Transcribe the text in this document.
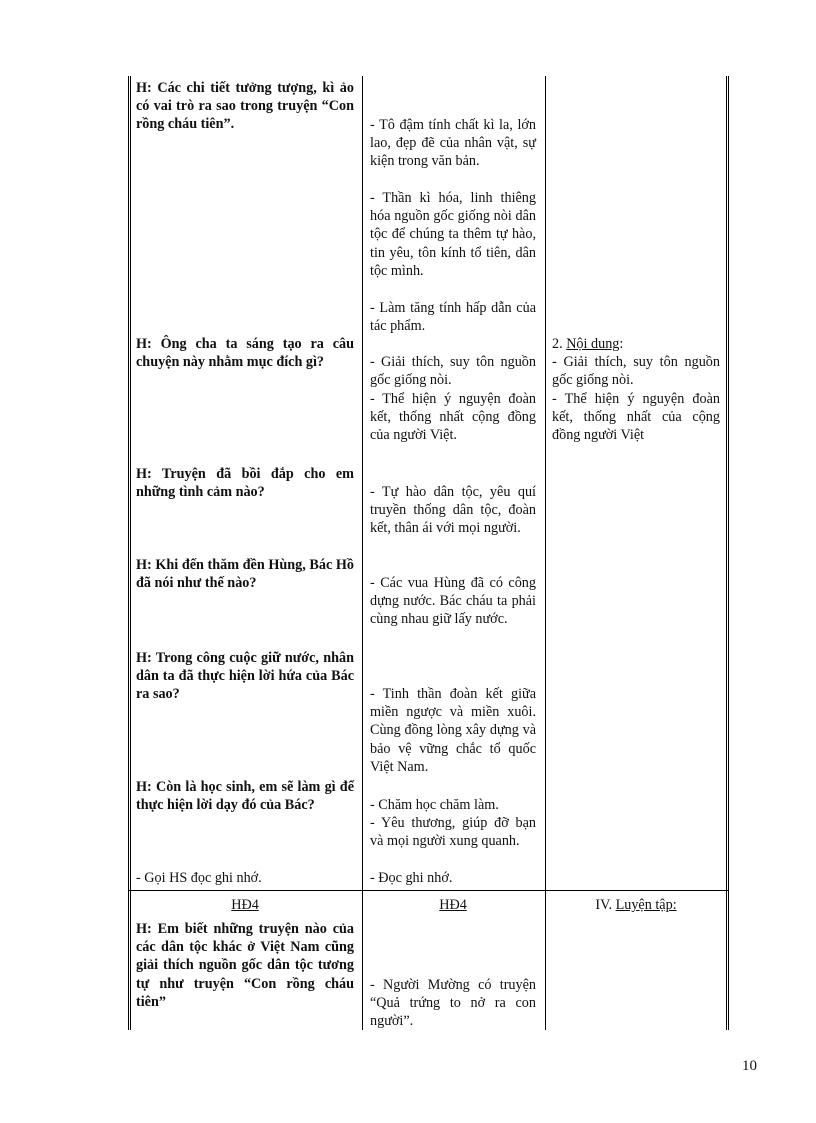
H: Các chi tiết tưởng tượng, kì ảo có vai trò ra sao trong truyện “Con rồng cháu tiên”.

H: Ông cha ta sáng tạo ra câu chuyện này nhằm mục đích gì?

H: Truyện đã bồi đắp cho em những tình cảm nào?

H: Khi đến thăm đền Hùng, Bác Hồ đã nói như thế nào?

H: Trong công cuộc giữ nước, nhân dân ta đã thực hiện lời hứa của Bác ra sao?

H: Còn là học sinh, em sẽ làm gì để thực hiện lời dạy đó của Bác?

- Gọi HS đọc ghi nhớ.

HĐ4

H: Em biết những truyện nào của các dân tộc khác ở Việt Nam cũng giải thích nguồn gốc dân tộc tương tự như truyện “Con rồng cháu tiên”

- Tô đậm tính chất kì la, lớn lao, đẹp đẽ của nhân vật, sự kiện trong văn bản.

- Thần kì hóa, linh thiêng hóa nguồn gốc giống nòi dân tộc để chúng ta thêm tự hào, tin yêu, tôn kính tổ tiên, dân tộc mình.

- Làm tăng tính hấp dẫn của tác phẩm.

- Giải thích, suy tôn nguồn gốc giống nòi.

- Thể hiện ý nguyện đoàn kết, thống nhất cộng đồng của người Việt.

- Tự hào dân tộc, yêu quí truyền thống dân tộc, đoàn kết, thân ái với mọi người.

- Các vua Hùng đã có công dựng nước. Bác cháu ta phải cùng nhau giữ lấy nước.

- Tinh thần đoàn kết giữa miền ngược và miền xuôi. Cùng đồng lòng xây dựng và bảo vệ vững chắc tổ quốc Việt Nam.

- Chăm học chăm làm.

- Yêu thương, giúp đỡ bạn và mọi người xung quanh.

- Đọc ghi nhớ.

HĐ4

- Người Mường có truyện “Quả trứng to nở ra con người”.

2. Nội dung:

- Giải thích, suy tôn nguồn gốc giống nòi.

- Thể hiện ý nguyện đoàn kết, thống nhất của cộng đồng người Việt

IV. Luyện tập:

10
